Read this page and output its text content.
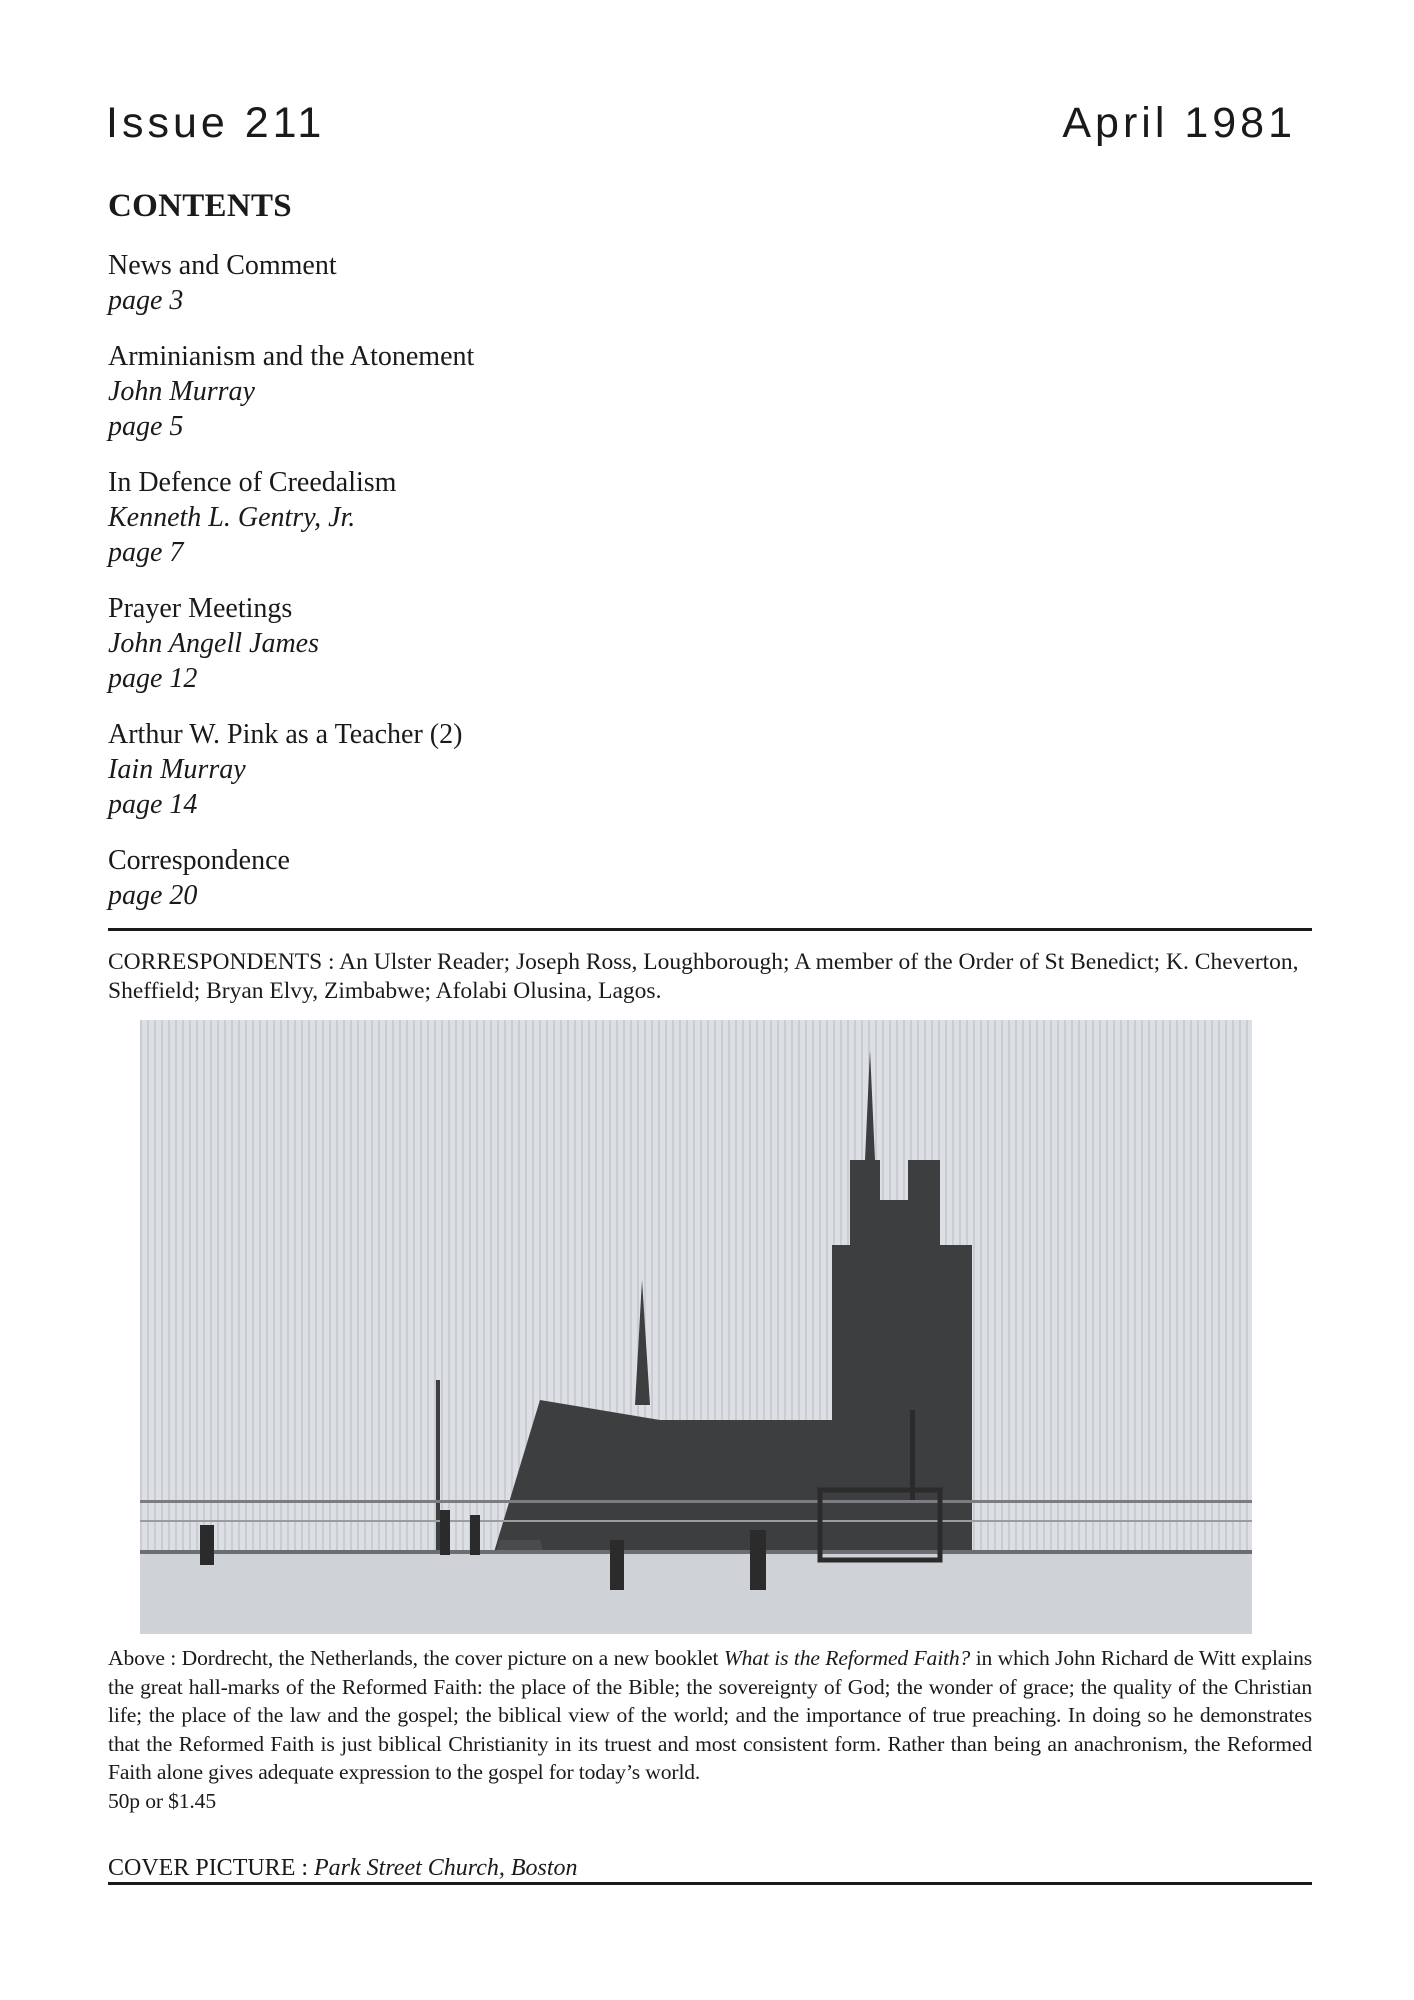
Issue 211	April 1981
CONTENTS
News and Comment
page 3
Arminianism and the Atonement
John Murray
page 5
In Defence of Creedalism
Kenneth L. Gentry, Jr.
page 7
Prayer Meetings
John Angell James
page 12
Arthur W. Pink as a Teacher (2)
Iain Murray
page 14
Correspondence
page 20

CORRESPONDENTS : An Ulster Reader; Joseph Ross, Loughborough; A member of the Order of St Benedict; K. Cheverton, Sheffield; Bryan Elvy, Zimbabwe; Afolabi Olusina, Lagos.

Above : Dordrecht, the Netherlands, the cover picture on a new booklet What is the Reformed Faith? in which John Richard de Witt explains the great hall-marks of the Reformed Faith: the place of the Bible; the sovereignty of God; the wonder of grace; the quality of the Christian life; the place of the law and the gospel; the biblical view of the world; and the importance of true preaching. In doing so he demonstrates that the Reformed Faith is just biblical Christianity in its truest and most consistent form. Rather than being an anachronism, the Reformed Faith alone gives adequate expression to the gospel for today’s world.
50p or $1.45

COVER PICTURE : Park Street Church, Boston
